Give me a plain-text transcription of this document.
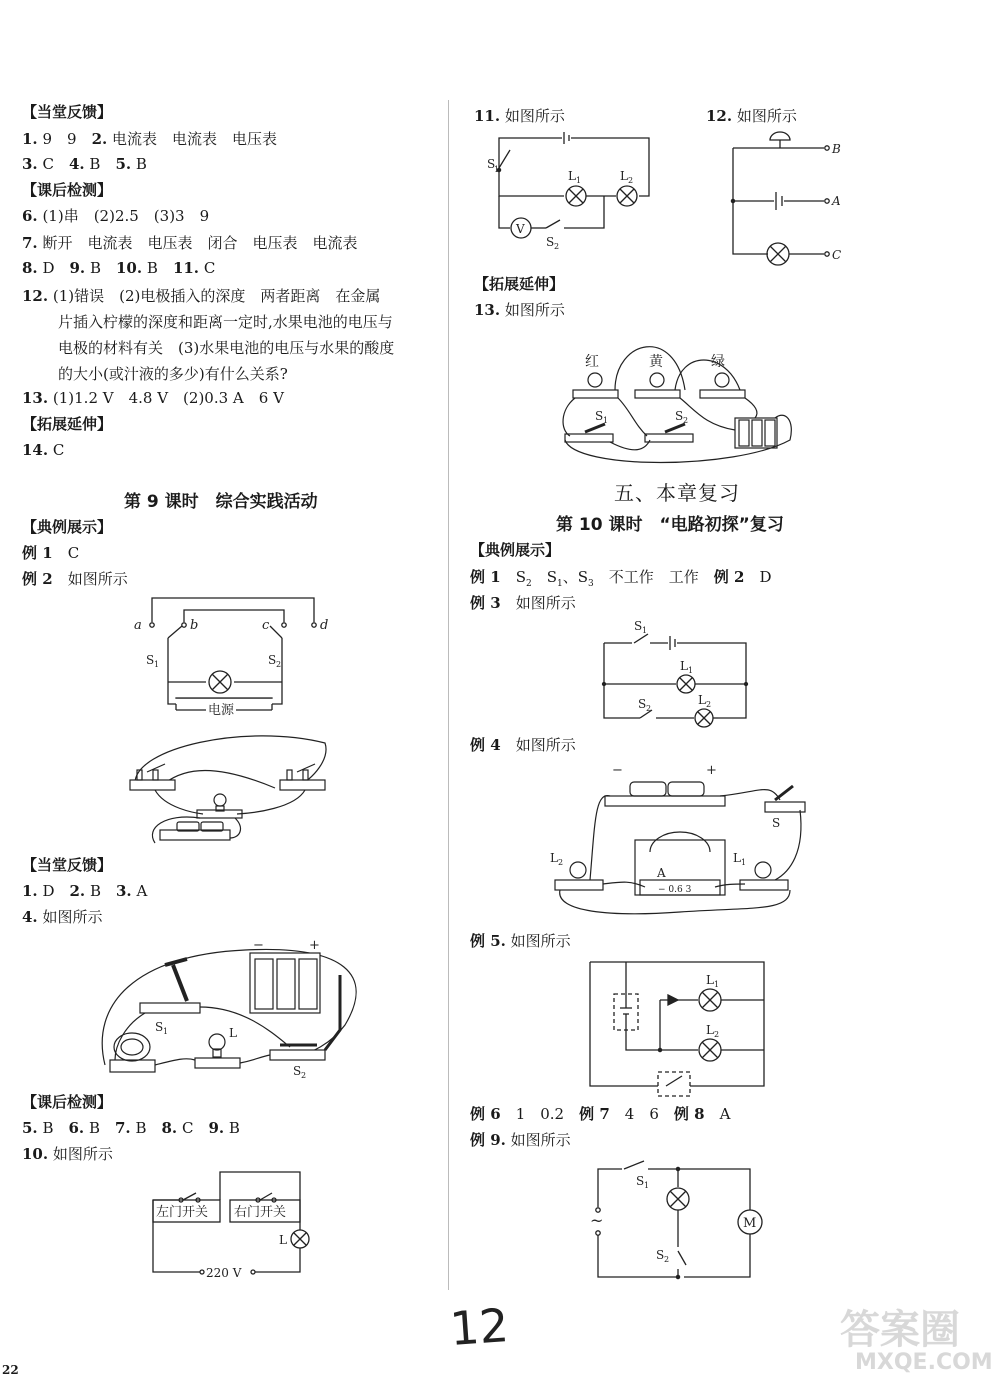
【当堂反馈】
1. 9　9　 2. 电流表　电流表　电压表
3. C　 4. B　 5. B
【课后检测】
6. (1)串　(2)2.5　(3)3　9
7. 断开　电流表　电压表　闭合　电压表　电流表
8. D　 9. B　 10. B　 11. C
12. (1)错误　(2)电极插入的深度　两者距离　在金属
片插入柠檬的深度和距离一定时,水果电池的电压与
电极的材料有关　(3)水果电池的电压与水果的酸度
的大小(或汁液的多少)有什么关系?
13. (1)1.2 V　4.8 V　(2)0.3 A　6 V
【拓展延伸】
14. C
第 9 课时　综合实践活动
【典例展示】
例 1　 C
例 2　 如图所示
a	b	c	d
S 1	S 2
电源
【当堂反馈】
1. D　 2. B　 3. A
4. 如图所示
−	+
S 1	L
S 2
【课后检测】
5. B　 6. B　 7. B　 8. C　 9. B
10. 如图所示
左门开关 右门开关
L
220 V
22
11. 如图所示	12. 如图所示
S
1	L 1	L 2
V
S 2
B
A
C
【拓展延伸】
13. 如图所示
红	黄	绿
S 1	S 2
五、本章复习
第 10 课时　“电路初探”复习
【典例展示】
例 1　 $S_2$　 $S_1$、$S_3$　 不工作　工作　 例 2　 D
例 3　 如图所示
S 1
L 1
S 2
L 2
例 4　 如图所示
−	+
S
A
− 0.6 3
L 2	L 1
例 5. 如图所示
L 1
L 2
例 6　 1　0.2　 例 7　 4　6　 例 8　 A
例 9. 如图所示
~
S 1
S 2
M
12	答案圈
MXQE.COM
